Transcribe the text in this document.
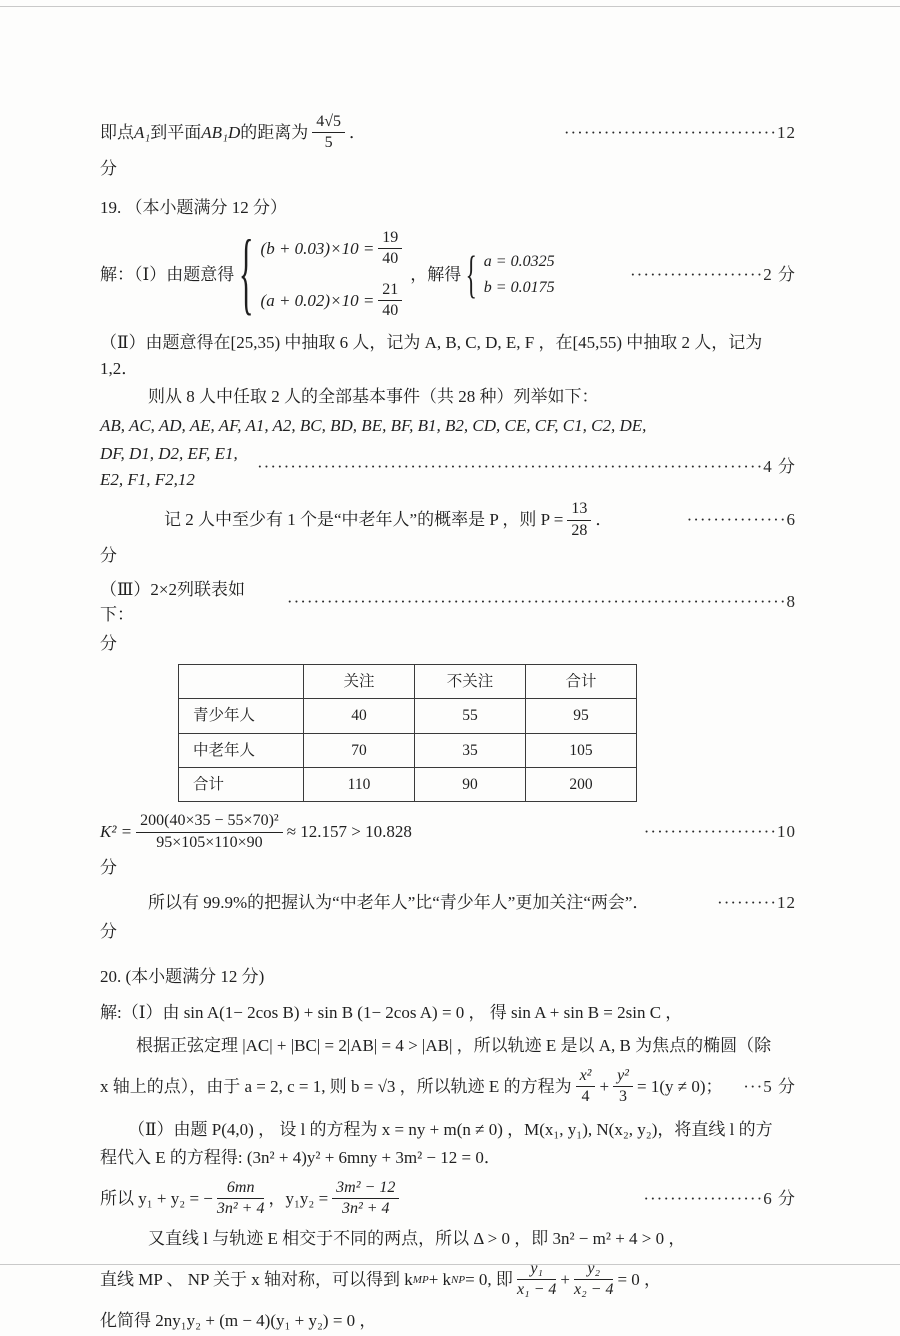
即点 A₁ 到平面 AB₁D 的距离为 $\frac{4√5}{5}$ ．	································12
分
19. （本小题满分 12 分）
解：（Ⅰ）由题意得 { $(b + 0.03)\times 10 = \frac{19}{40}$
$(a + 0.02)\times 10 = \frac{21}{40}$
，解得 { a = 0.0325
b = 0.0175
····················2 分
（Ⅱ）由题意得在[25,35) 中抽取 6 人，记为 A, B, C, D, E, F ，在[45,55) 中抽取 2 人，记为1,2．
则从 8 人中任取 2 人的全部基本事件（共 28 种）列举如下：
AB, AC, AD, AE, AF, A1, A2, BC, BD, BE, BF, B1, B2, CD, CE, CF, C1, C2, DE,
DF, D1, D2, EF, E1, E2, F1, F2,12
············································································4 分
记 2 人中至少有 1 个是“中老年人”的概率是 P ，则 $P = \frac{13}{28}$ ．	···············6
分
（Ⅲ）2×2列联表如下：
···········································································8
分
	关注	不关注	合计
青少年人	40	55	95
中老年人	70	35	105
合计	110	90	200
$K^2 = \frac{\text{200(40×35 − 55×70)²}}{95\times 105\times 110\times 90} \approx 12.157 > 10.828$	····················10
分
所以有 99.9%的把握认为“中老年人”比“青少年人”更加关注“两会”．	·········12
分
20. (本小题满分 12 分)
解:（Ⅰ）由 sin A(1− 2cos B) + sin B (1− 2cos A) = 0 ， 得 sin A + sin B = 2sin C ，
根据正弦定理 |AC| + |BC| = 2|AB| = 4 > |AB| ，所以轨迹 E 是以 A, B 为焦点的椭圆（除
x 轴上的点），由于 a = 2, c = 1, 则 b = √3 ，所以轨迹 E 的方程为 $\frac{\text{x²}}{4} + \frac{\text{y²}}{3} = 1(y \ne 0)$； ···5 分
（Ⅱ）由题 P(4,0) ， 设 l 的方程为 x = ny + m(n ≠ 0) ，M(x₁, y₁), N(x₂, y₂)，将直线 l 的方
程代入 E 的方程得: (3n² + 4)y² + 6mny + 3m² − 12 = 0．
所以 y₁ + y₂ = − $\frac{6mn}{\text{3n² + 4}}$ ，$y_1y_2 = \frac{\text{3m² − 12}}{\text{3n² + 4}}$	··················6 分
又直线 l 与轨迹 E 相交于不同的两点，所以 Δ > 0 ，即 3n² − m² + 4 > 0 ，
直线 MP 、 NP 关于 x 轴对称，可以得到 k MP + k NP = 0, 即 $\frac{\text{y₁}}{\text{x₁ − 4}} + \frac{\text{y₂}}{\text{x₂ − 4}} = 0$ ，
化简得 2ny₁y₂ + (m − 4)(y₁ + y₂) = 0 ，
